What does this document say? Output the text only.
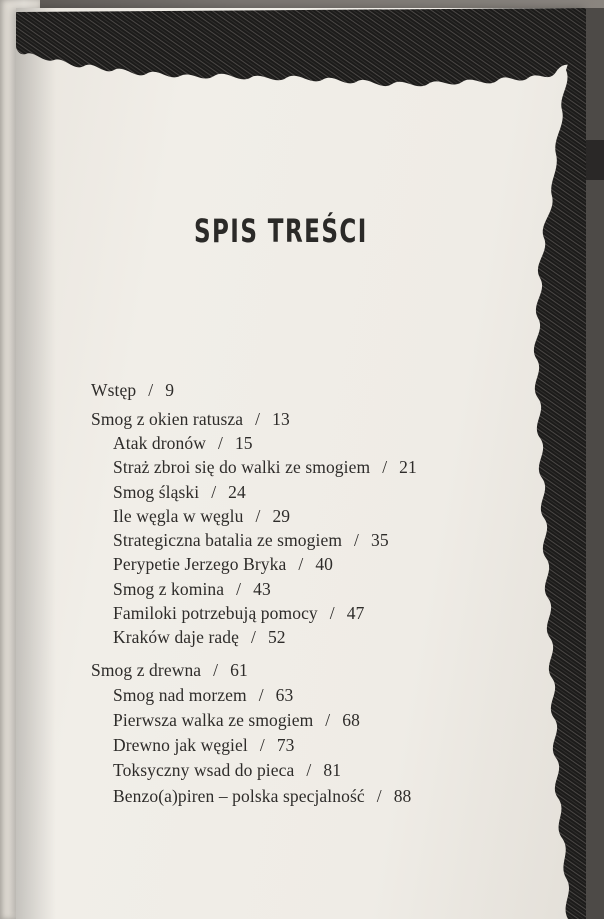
SPIS TREŚCI
Wstęp / 9
Smog z okien ratusza / 13
Atak dronów / 15
Straż zbroi się do walki ze smogiem / 21
Smog śląski / 24
Ile węgla w węglu / 29
Strategiczna batalia ze smogiem / 35
Perypetie Jerzego Bryka / 40
Smog z komina / 43
Familoki potrzebują pomocy / 47
Kraków daje radę / 52
Smog z drewna / 61
Smog nad morzem / 63
Pierwsza walka ze smogiem / 68
Drewno jak węgiel / 73
Toksyczny wsad do pieca / 81
Benzo(a)piren – polska specjalność / 88
